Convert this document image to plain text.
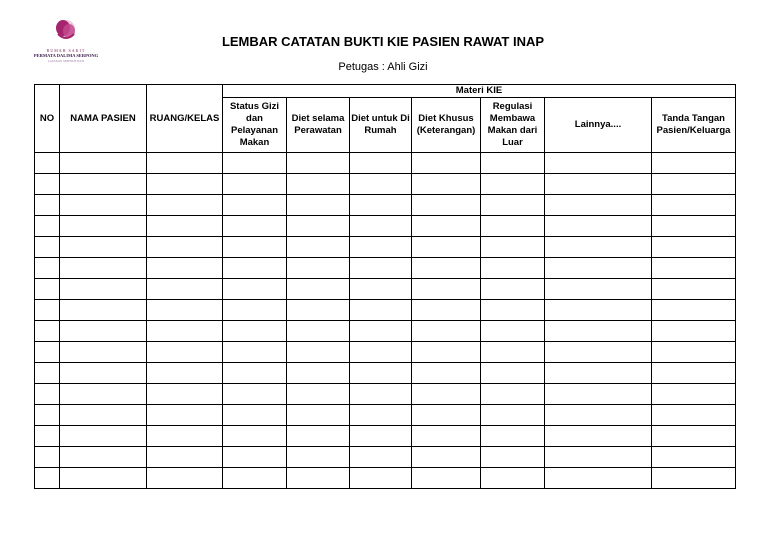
RUMAH SAKIT
PERMATA DALIMA SERPONG
LAYANAN SEPENUH HATI
LEMBAR CATATAN BUKTI KIE PASIEN RAWAT INAP
Petugas : Ahli Gizi
NO	NAMA PASIEN	RUANG/KELAS	Materi KIE						
			Status Gizi dan Pelayanan Makan	Diet selama Perawatan	Diet untuk Di Rumah	Diet Khusus (Keterangan)	Regulasi Membawa Makan dari Luar	Lainnya....	Tanda Tangan Pasien/Keluarga
